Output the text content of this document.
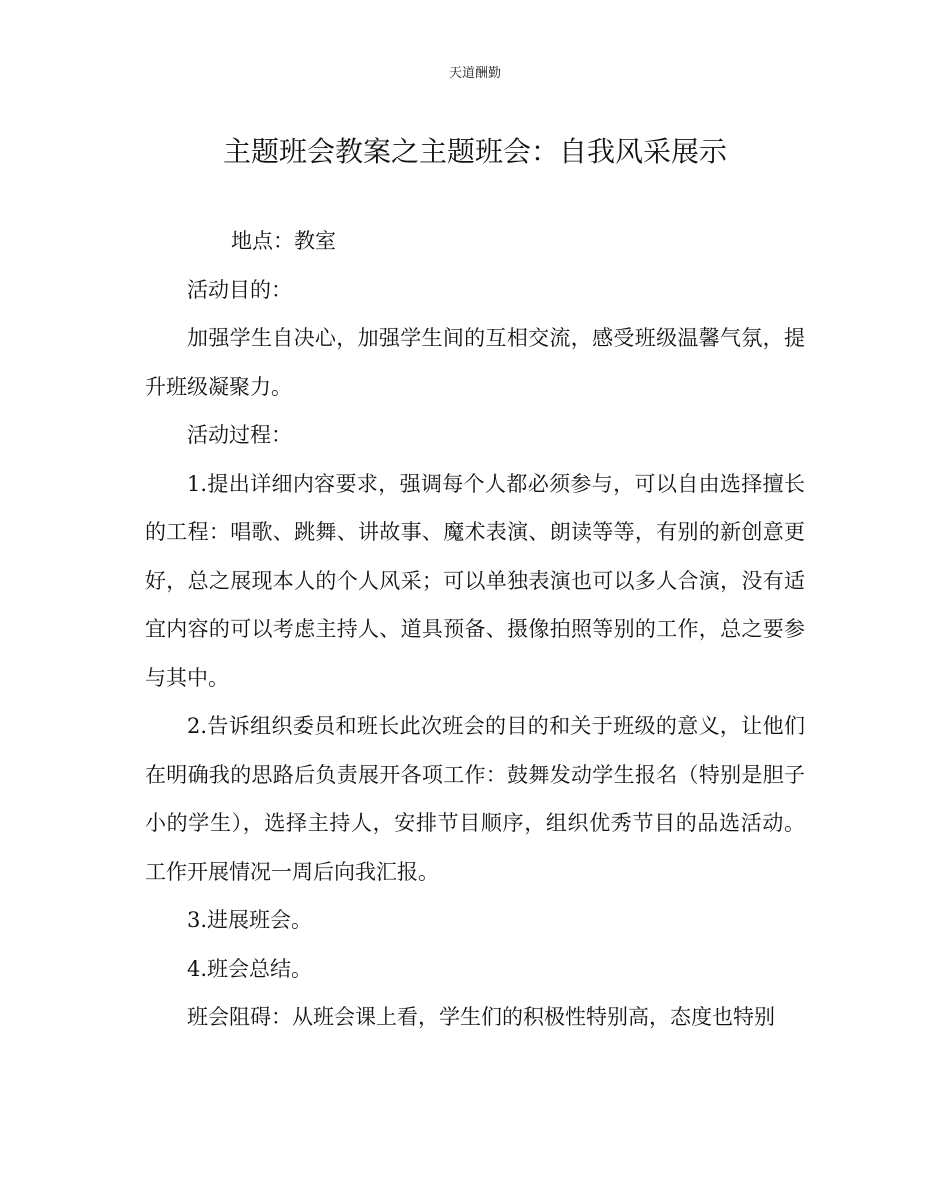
天道酬勤
主题班会教案之主题班会：自我风采展示

地点：教室

活动目的：

加强学生自决心，加强学生间的互相交流，感受班级温馨气氛，提升班级凝聚力。

活动过程：

1.提出详细内容要求，强调每个人都必须参与，可以自由选择擅长的工程：唱歌、跳舞、讲故事、魔术表演、朗读等等，有别的新创意更好，总之展现本人的个人风采；可以单独表演也可以多人合演，没有适宜内容的可以考虑主持人、道具预备、摄像拍照等别的工作，总之要参与其中。

2.告诉组织委员和班长此次班会的目的和关于班级的意义，让他们在明确我的思路后负责展开各项工作：鼓舞发动学生报名（特别是胆子小的学生），选择主持人，安排节目顺序，组织优秀节目的品选活动。工作开展情况一周后向我汇报。

3.进展班会。

4.班会总结。

班会阻碍：从班会课上看，学生们的积极性特别高，态度也特别
